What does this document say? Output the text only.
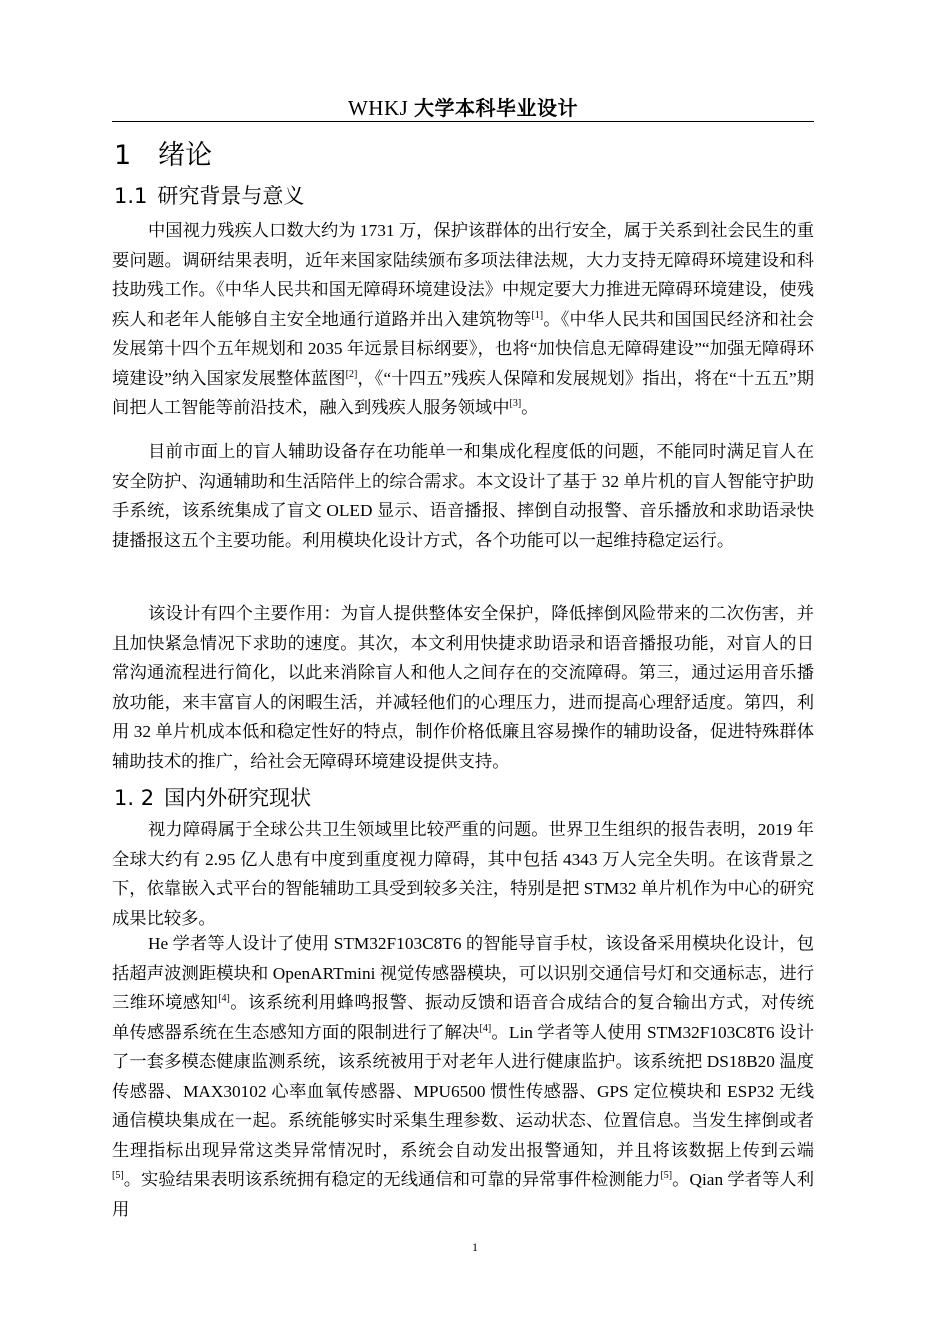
WHKJ 大学本科毕业设计
1 绪论
1.1 研究背景与意义
中国视力残疾人口数大约为 1731 万，保护该群体的出行安全，属于关系到社会民生的重要问题。调研结果表明，近年来国家陆续颁布多项法律法规，大力支持无障碍环境建设和科技助残工作。《中华人民共和国无障碍环境建设法》中规定要大力推进无障碍环境建设，使残疾人和老年人能够自主安全地通行道路并出入建筑物等[1]。《中华人民共和国国民经济和社会发展第十四个五年规划和 2035 年远景目标纲要》，也将“加快信息无障碍建设”“加强无障碍环境建设”纳入国家发展整体蓝图[2]，《“十四五”残疾人保障和发展规划》指出，将在“十五五”期间把人工智能等前沿技术，融入到残疾人服务领域中[3]。
目前市面上的盲人辅助设备存在功能单一和集成化程度低的问题，不能同时满足盲人在安全防护、沟通辅助和生活陪伴上的综合需求。本文设计了基于 32 单片机的盲人智能守护助手系统，该系统集成了盲文 OLED 显示、语音播报、摔倒自动报警、音乐播放和求助语录快捷播报这五个主要功能。利用模块化设计方式，各个功能可以一起维持稳定运行。
该设计有四个主要作用：为盲人提供整体安全保护，降低摔倒风险带来的二次伤害，并且加快紧急情况下求助的速度。其次，本文利用快捷求助语录和语音播报功能，对盲人的日常沟通流程进行简化，以此来消除盲人和他人之间存在的交流障碍。第三，通过运用音乐播放功能，来丰富盲人的闲暇生活，并减轻他们的心理压力，进而提高心理舒适度。第四，利用 32 单片机成本低和稳定性好的特点，制作价格低廉且容易操作的辅助设备，促进特殊群体辅助技术的推广，给社会无障碍环境建设提供支持。
1. 2 国内外研究现状
视力障碍属于全球公共卫生领域里比较严重的问题。世界卫生组织的报告表明，2019 年全球大约有 2.95 亿人患有中度到重度视力障碍，其中包括 4343 万人完全失明。在该背景之下，依靠嵌入式平台的智能辅助工具受到较多关注，特别是把 STM32 单片机作为中心的研究成果比较多。
He 学者等人设计了使用 STM32F103C8T6 的智能导盲手杖，该设备采用模块化设计，包括超声波测距模块和 OpenARTmini 视觉传感器模块，可以识别交通信号灯和交通标志，进行三维环境感知[4]。该系统利用蜂鸣报警、振动反馈和语音合成结合的复合输出方式，对传统单传感器系统在生态感知方面的限制进行了解决[4]。Lin 学者等人使用 STM32F103C8T6 设计了一套多模态健康监测系统，该系统被用于对老年人进行健康监护。该系统把 DS18B20 温度传感器、MAX30102 心率血氧传感器、MPU6500 惯性传感器、GPS 定位模块和 ESP32 无线通信模块集成在一起。系统能够实时采集生理参数、运动状态、位置信息。当发生摔倒或者生理指标出现异常这类异常情况时，系统会自动发出报警通知，并且将该数据上传到云端[5]。实验结果表明该系统拥有稳定的无线通信和可靠的异常事件检测能力[5]。Qian 学者等人利用
1
